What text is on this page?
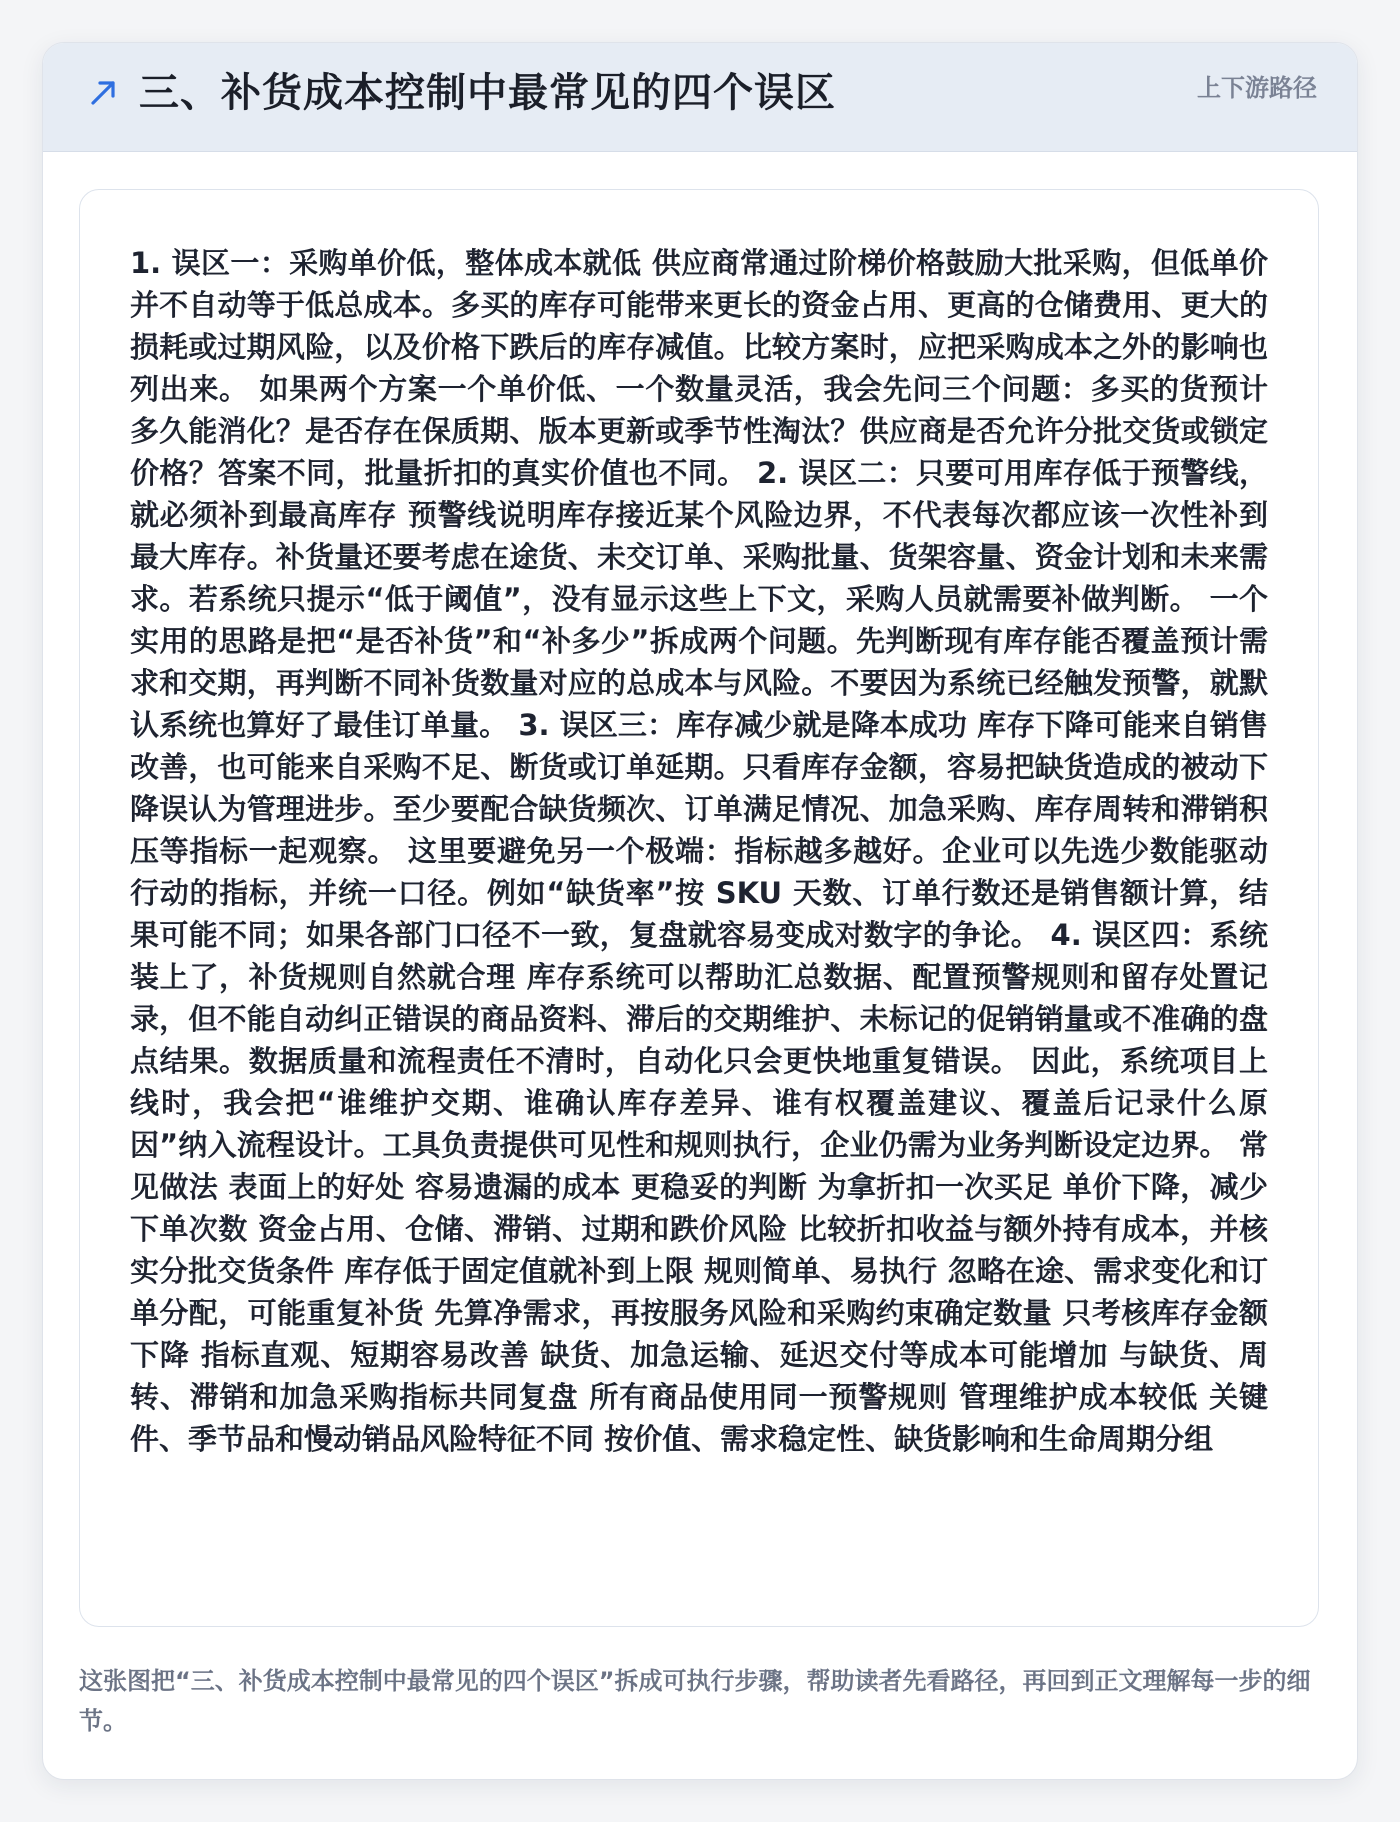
三、补货成本控制中最常见的四个误区	上下游路径

1. 误区一：采购单价低，整体成本就低 供应商常通过阶梯价格鼓励大批采购，但低单价并不自动等于低总成本。多买的库存可能带来更长的资金占用、更高的仓储费用、更大的损耗或过期风险，以及价格下跌后的库存减值。比较方案时，应把采购成本之外的影响也列出来。 如果两个方案一个单价低、一个数量灵活，我会先问三个问题：多买的货预计多久能消化？是否存在保质期、版本更新或季节性淘汰？供应商是否允许分批交货或锁定价格？答案不同，批量折扣的真实价值也不同。 2. 误区二：只要可用库存低于预警线，就必须补到最高库存 预警线说明库存接近某个风险边界，不代表每次都应该一次性补到最大库存。补货量还要考虑在途货、未交订单、采购批量、货架容量、资金计划和未来需求。若系统只提示“低于阈值”，没有显示这些上下文，采购人员就需要补做判断。 一个实用的思路是把“是否补货”和“补多少”拆成两个问题。先判断现有库存能否覆盖预计需求和交期，再判断不同补货数量对应的总成本与风险。不要因为系统已经触发预警，就默认系统也算好了最佳订单量。 3. 误区三：库存减少就是降本成功 库存下降可能来自销售改善，也可能来自采购不足、断货或订单延期。只看库存金额，容易把缺货造成的被动下降误认为管理进步。至少要配合缺货频次、订单满足情况、加急采购、库存周转和滞销积压等指标一起观察。 这里要避免另一个极端：指标越多越好。企业可以先选少数能驱动行动的指标，并统一口径。例如“缺货率”按 SKU 天数、订单行数还是销售额计算，结果可能不同；如果各部门口径不一致，复盘就容易变成对数字的争论。 4. 误区四：系统装上了，补货规则自然就合理 库存系统可以帮助汇总数据、配置预警规则和留存处置记录，但不能自动纠正错误的商品资料、滞后的交期维护、未标记的促销销量或不准确的盘点结果。数据质量和流程责任不清时，自动化只会更快地重复错误。 因此，系统项目上线时，我会把“谁维护交期、谁确认库存差异、谁有权覆盖建议、覆盖后记录什么原因”纳入流程设计。工具负责提供可见性和规则执行，企业仍需为业务判断设定边界。 常见做法 表面上的好处 容易遗漏的成本 更稳妥的判断 为拿折扣一次买足 单价下降，减少下单次数 资金占用、仓储、滞销、过期和跌价风险 比较折扣收益与额外持有成本，并核实分批交货条件 库存低于固定值就补到上限 规则简单、易执行 忽略在途、需求变化和订单分配，可能重复补货 先算净需求，再按服务风险和采购约束确定数量 只考核库存金额下降 指标直观、短期容易改善 缺货、加急运输、延迟交付等成本可能增加 与缺货、周转、滞销和加急采购指标共同复盘 所有商品使用同一预警规则 管理维护成本较低 关键件、季节品和慢动销品风险特征不同 按价值、需求稳定性、缺货影响和生命周期分组

这张图把“三、补货成本控制中最常见的四个误区”拆成可执行步骤，帮助读者先看路径，再回到正文理解每一步的细节。
